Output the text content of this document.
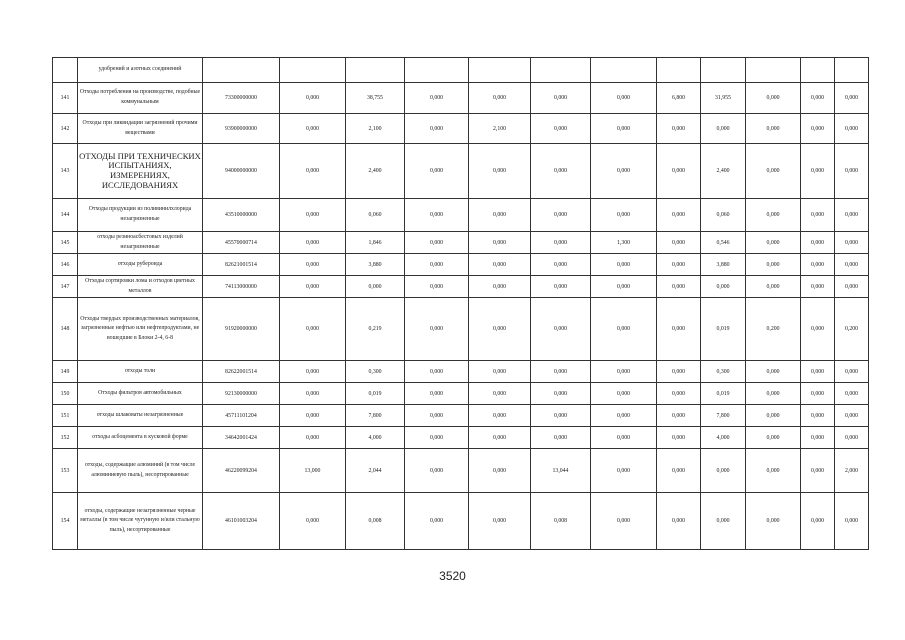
	удобрений и азотных соединений												
141	Отходы потребления на производстве, подобные коммунальным	73300000000	0,000	38,755	0,000	0,000	0,000	0,000	6,800	31,955	0,000	0,000	0,000
142	Отходы при ликвидации загрязнений прочими веществами	93900000000	0,000	2,100	0,000	2,100	0,000	0,000	0,000	0,000	0,000	0,000	0,000
143	ОТХОДЫ ПРИ ТЕХНИЧЕСКИХ ИСПЫТАНИЯХ, ИЗМЕРЕНИЯХ, ИССЛЕДОВАНИЯХ	94000000000	0,000	2,400	0,000	0,000	0,000	0,000	0,000	2,400	0,000	0,000	0,000
144	Отходы продукции из поливинилхлорида незагрязненные	43510000000	0,000	0,060	0,000	0,000	0,000	0,000	0,000	0,060	0,000	0,000	0,000
145	отходы резиноасбестовых изделий незагрязненные	45570000714	0,000	1,846	0,000	0,000	0,000	1,300	0,000	0,546	0,000	0,000	0,000
146	отходы рубероида	82621001514	0,000	3,880	0,000	0,000	0,000	0,000	0,000	3,880	0,000	0,000	0,000
147	Отходы сортировки лома и отходов цветных металлов	74113000000	0,000	0,000	0,000	0,000	0,000	0,000	0,000	0,000	0,000	0,000	0,000
148	Отходы твердых производственных материалов, загрязненные нефтью или нефтепродуктами, не вошедшие в Блоки 2-4, 6-8	91920000000	0,000	0,219	0,000	0,000	0,000	0,000	0,000	0,019	0,200	0,000	0,200
149	отходы толи	82622001514	0,000	0,300	0,000	0,000	0,000	0,000	0,000	0,300	0,000	0,000	0,000
150	Отходы фильтров автомобильных	92130000000	0,000	0,019	0,000	0,000	0,000	0,000	0,000	0,019	0,000	0,000	0,000
151	отходы шлаковаты незагрязненные	45711101204	0,000	7,800	0,000	0,000	0,000	0,000	0,000	7,800	0,000	0,000	0,000
152	отходы асбоцемента в кусковой форме	34642001424	0,000	4,000	0,000	0,000	0,000	0,000	0,000	4,000	0,000	0,000	0,000
153	отходы, содержащие алюминий (в том числе алюминиевую пыль), несортированные	46220099204	13,000	2,044	0,000	0,000	13,044	0,000	0,000	0,000	0,000	0,000	2,000
154	отходы, содержащие незагрязненные черные металлы (в том числе чугунную и/или стальную пыль), несортированные	46101003204	0,000	0,008	0,000	0,000	0,008	0,000	0,000	0,000	0,000	0,000	0,000
3520
